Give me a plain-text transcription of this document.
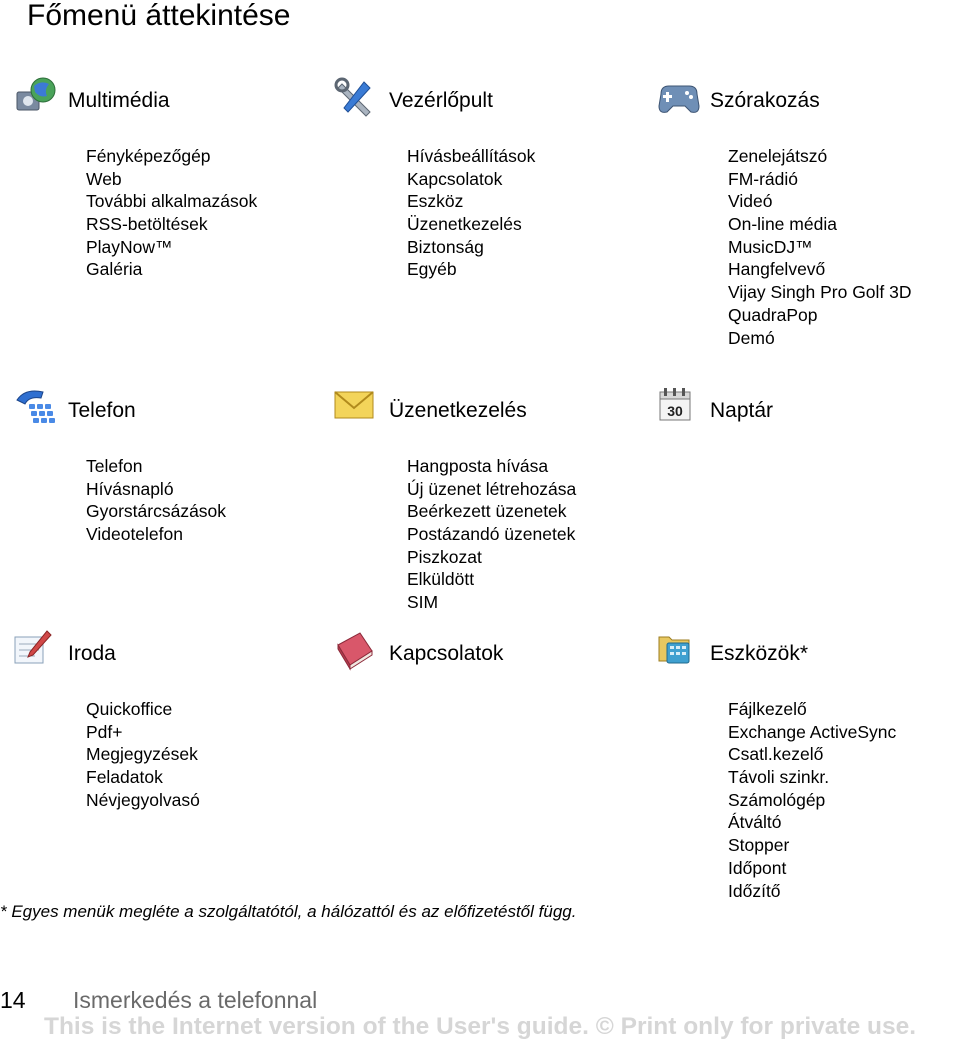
Főmenü áttekintése
Multimédia
Fényképezőgép
Web
További alkalmazások
RSS-betöltések
PlayNow™
Galéria
Vezérlőpult
Hívásbeállítások
Kapcsolatok
Eszköz
Üzenetkezelés
Biztonság
Egyéb
Szórakozás
Zenelejátszó
FM-rádió
Videó
On-line média
MusicDJ™
Hangfelvevő
Vijay Singh Pro Golf 3D
QuadraPop
Demó
Telefon
Telefon
Hívásnapló
Gyorstárcsázások
Videotelefon
Üzenetkezelés
Hangposta hívása
Új üzenet létrehozása
Beérkezett üzenetek
Postázandó üzenetek
Piszkozat
Elküldött
SIM
30 Naptár
Iroda
Quickoffice
Pdf+
Megjegyzések
Feladatok
Névjegyolvasó
Kapcsolatok	Eszközök*
Fájlkezelő
Exchange ActiveSync
Csatl.kezelő
Távoli szinkr.
Számológép
Átváltó
Stopper
Időpont
Időzítő
* Egyes menük megléte a szolgáltatótól, a hálózattól és az előfizetéstől függ.
14 Ismerkedés a telefonnal
This is the Internet version of the User's guide. © Print only for private use.
